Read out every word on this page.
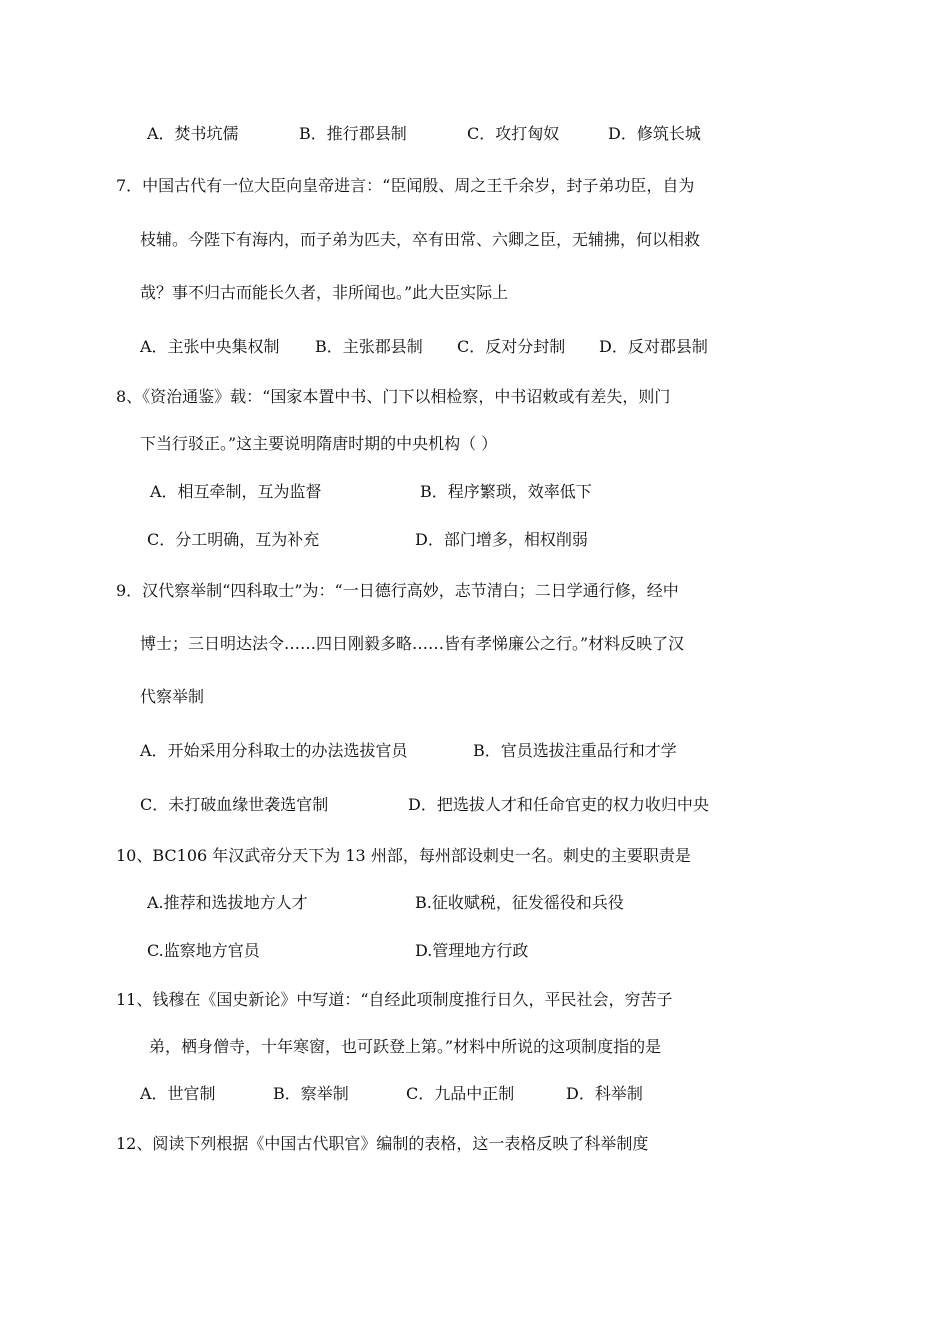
A．焚书坑儒	B．推行郡县制	C．攻打匈奴	D．修筑长城
7．中国古代有一位大臣向皇帝进言：“臣闻殷、周之王千余岁，封子弟功臣，自为
枝辅。今陛下有海内，而子弟为匹夫，卒有田常、六卿之臣，无辅拂，何以相救
哉？事不归古而能长久者，非所闻也。”此大臣实际上
A．主张中央集权制 B．主张郡县制 C．反对分封制 D．反对郡县制
8、《资治通鉴》载：“国家本置中书、门下以相检察，中书诏敕或有差失，则门
下当行驳正。”这主要说明隋唐时期的中央机构（ ）
A．相互牵制，互为监督	B．程序繁琐，效率低下
C．分工明确，互为补充	D．部门增多，相权削弱
9．汉代察举制“四科取士”为：“一日德行高妙，志节清白；二日学通行修，经中
博士；三日明达法令……四日刚毅多略……皆有孝悌廉公之行。”材料反映了汉
代察举制
A．开始采用分科取士的办法选拔官员	B．官员选拔注重品行和才学
C．未打破血缘世袭选官制	D．把选拔人才和任命官吏的权力收归中央
10、BC106 年汉武帝分天下为 13 州部，每州部设刺史一名。刺史的主要职责是
A.推荐和选拔地方人才	B.征收赋税，征发徭役和兵役
C.监察地方官员	D.管理地方行政
11、钱穆在《国史新论》中写道：“自经此项制度推行日久，平民社会，穷苦子
弟，栖身僧寺，十年寒窗，也可跃登上第。”材料中所说的这项制度指的是
A．世官制	B．察举制	C．九品中正制	D．科举制
12、阅读下列根据《中国古代职官》编制的表格，这一表格反映了科举制度
